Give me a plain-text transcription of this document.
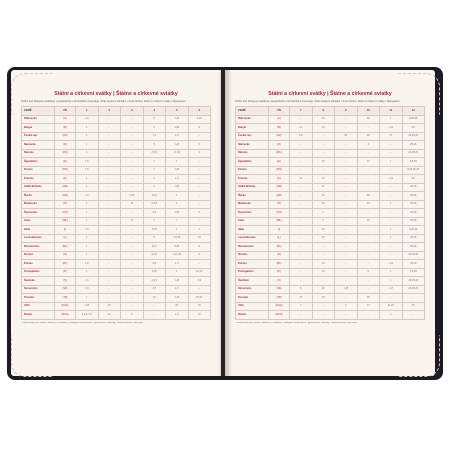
Státní a církevní svátky | Štátne a cirkevné sviatky
Public and Religious Holidays | Gesetzliche und kirchliche Feiertage | Días festivos oficiales | Jours fériés | Státní a církevní svátky | Праздники
ZEMĚ	ZN	1	2	3	4	5	6
Rakousko	(A)	1,6	–	–	5	1,26	9,20
Belgie	(B)	1	–	–	5	1,26	9
Česká rep.	(CZ)	1	–	–	7,2	1,8	–
Německo	(D)	1	–	–	5	1,26	9
Dánsko	(DK)	1	–	–	2,5,6	17,26	9
Španělsko	(E)	1,6	–	–	2	1	–
Finsko	(FIN)	1,6	–	–	2	1,26	–
Francie	(F)	1	–	–	5	1,8	–
Velká Británie	(GB)	1	–	–	5	7,28	–
Řecko	(GR)	1,6	–	3,25	9,12	1	–
Maďarsko	(H)	1	–	15	2,5,6	1	–
Švýcarsko	(CH)	1	–	–	5,6	1,26	9
Irsko	(IRL)	1	–	17	5	7	–
Itálie	(I)	1,6	–	–	5,25	1	2
Lucembursko	(L)	1	–	–	5	1,9,26	23
Nizozemsko	(NL)	1	–	–	5,27	5,26	9
Norsko	(N)	1	–	–	2,5,6	1,17,26	9
Polsko	(PL)	1,6	–	–	5,6	1,3	–
Portugalsko	(P)	1	–	–	2,25	1	10,13
Švédsko	(S)	1,6	–	–	2,5,6	1,26	6,9
Slovensko	(SK)	1,6	–	–	2,5	1,8	–
Turecko	(TR)	1	–	–	23	1,19	15,24
USA	(USA)	1,16	20	–	–	29	19
Rusko	(RUS)	1,2,6,7,8	23	8	–	1,9	12
* náboženský den volna v některých oblastech | Religious observance / gesetzlicher Feiertag / fiesta nacional / jour férié
Státní a církevní svátky | Štátne a cirkevné sviatky
Public and Religious Holidays | Gesetzliche und kirchliche Feiertage | Días festivos oficiales | Jours fériés | Státní a církevní svátky | Праздники
ZEMĚ	ZN	7	8	9	10	11	12
Rakousko	(A)	–	15	–	26	1	8,25,26
Belgie	(B)	21	15	–	–	1,11	25
Česká rep.	(CZ)	5,6	–	28	28	17	24,25,26
Německo	(D)	–	–	–	3	–	25,26
Dánsko	(DK)	–	–	–	–	–	24,25,26
Španělsko	(E)	–	15	–	12	1	6,8,25
Finsko	(FIN)	–	–	–	–	–	6,24,25,26
Francie	(F)	14	15	–	–	1,11	25
Velká Británie	(GB)	–	27	–	–	–	25,26
Řecko	(GR)	–	15	–	28	–	25,26
Maďarsko	(H)	–	20	–	23	1	25,26
Švýcarsko	(CH)	–	1	–	–	–	25,26
Irsko	(IRL)	–	6	–	29	–	25,26
Itálie	(I)	–	15	–	–	1	8,25,26
Lucembursko	(L)	–	15	–	–	1	25,26
Nizozemsko	(NL)	–	–	–	–	–	25,26
Norsko	(N)	–	–	–	–	–	24,25,26
Polsko	(PL)	–	15	–	–	1,11	25,26
Portugalsko	(P)	–	15	–	5	1	1,8,25
Švédsko	(S)	–	–	–	–	1	24,25,26
Slovensko	(SK)	5	29	1,15	–	1,17	24,25,26
Turecko	(TR)	15	30	–	29	–	–
USA	(USA)	4	–	2	14	11,23	25
Rusko	(RUS)	–	–	–	–	4	–
* náboženský den volna v některých oblastech | Religious observance / gesetzlicher Feiertag / fiesta nacional / jour férié
